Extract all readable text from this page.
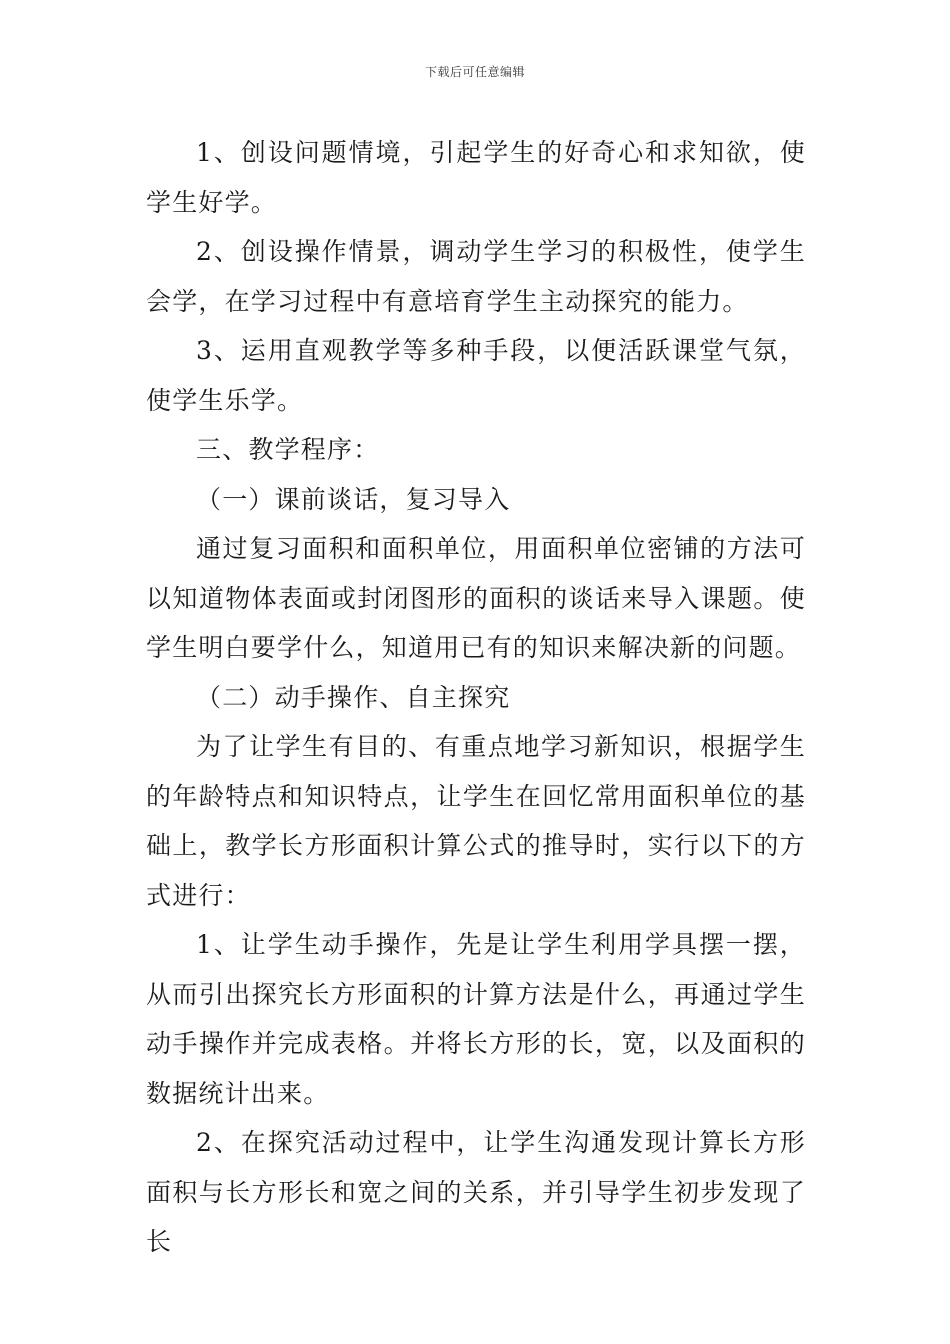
下载后可任意编辑

1、创设问题情境，引起学生的好奇心和求知欲，使学生好学。

2、创设操作情景，调动学生学习的积极性，使学生会学，在学习过程中有意培育学生主动探究的能力。

3、运用直观教学等多种手段，以便活跃课堂气氛，使学生乐学。

三、教学程序：

（一）课前谈话，复习导入

通过复习面积和面积单位，用面积单位密铺的方法可以知道物体表面或封闭图形的面积的谈话来导入课题。使学生明白要学什么，知道用已有的知识来解决新的问题。

（二）动手操作、自主探究

为了让学生有目的、有重点地学习新知识，根据学生的年龄特点和知识特点，让学生在回忆常用面积单位的基础上，教学长方形面积计算公式的推导时，实行以下的方式进行：

1、让学生动手操作，先是让学生利用学具摆一摆，从而引出探究长方形面积的计算方法是什么，再通过学生动手操作并完成表格。并将长方形的长，宽，以及面积的数据统计出来。

2、在探究活动过程中，让学生沟通发现计算长方形面积与长方形长和宽之间的关系，并引导学生初步发现了长
